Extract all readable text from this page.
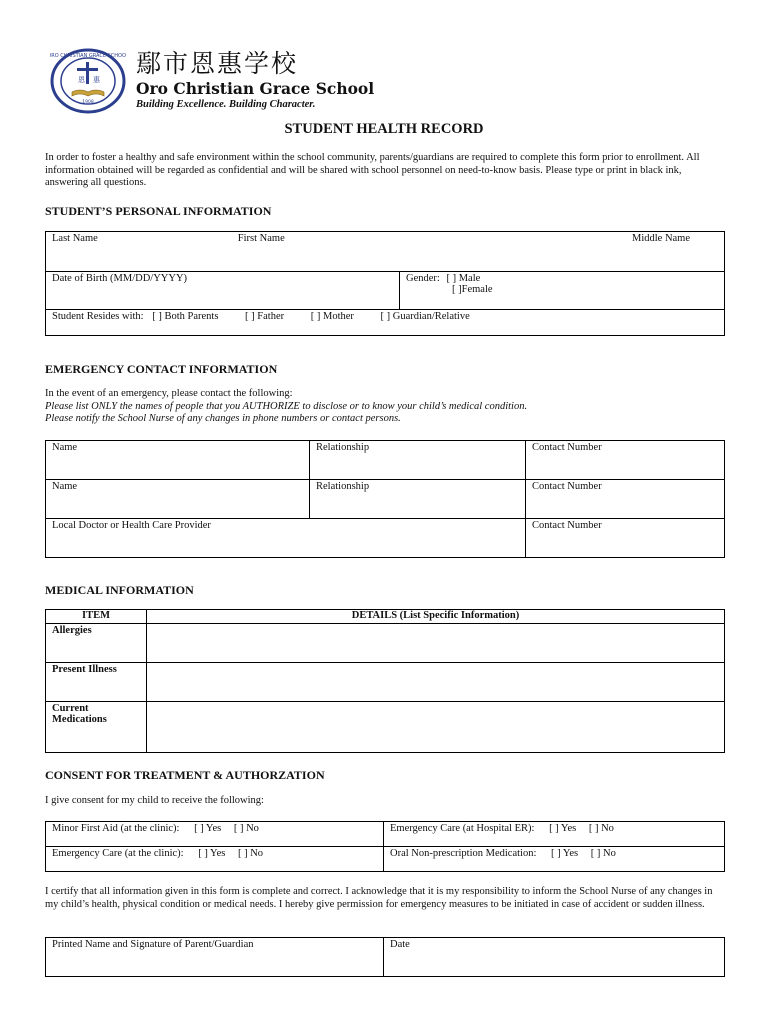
ORO CHRISTIAN GRACE SCHOOL
恩 惠
1908
鄢市恩惠学校
Oro Christian Grace School
Building Excellence. Building Character.
STUDENT HEALTH RECORD

In order to foster a healthy and safe environment within the school community, parents/guardians are required to complete this form prior to enrollment. All information obtained will be regarded as confidential and will be shared with school personnel on need-to-know basis. Please type or print in black ink, answering all questions.

STUDENT’S PERSONAL INFORMATION
Last Name	First Name	Middle Name

Date of Birth (MM/DD/YYYY)	Gender: [ ] Male
[ ]Female
Student Resides with: [ ] Both Parents	[ ] Father	[ ] Mother	[ ] Guardian/Relative
EMERGENCY CONTACT INFORMATION

In the event of an emergency, please contact the following:

Please list ONLY the names of people that you AUTHORIZE to disclose or to know your child’s medical condition.

Please notify the School Nurse of any changes in phone numbers or contact persons.

Name	Relationship	Contact Number
Name	Relationship	Contact Number
Local Doctor or Health Care Provider		Contact Number
MEDICAL INFORMATION
ITEM	DETAILS (List Specific Information)
Allergies	
Present Illness	
Current Medications	
CONSENT FOR TREATMENT & AUTHORZATION
I give consent for my child to receive the following:
Minor First Aid (at the clinic): [ ] Yes [ ] No	Emergency Care (at Hospital ER): [ ] Yes [ ] No
Emergency Care (at the clinic): [ ] Yes [ ] No	Oral Non-prescription Medication: [ ] Yes [ ] No

I certify that all information given in this form is complete and correct. I acknowledge that it is my responsibility to inform the School Nurse of any changes in my child’s health, physical condition or medical needs. I hereby give permission for emergency measures to be initiated in case of accident or sudden illness.

Printed Name and Signature of Parent/Guardian	Date
